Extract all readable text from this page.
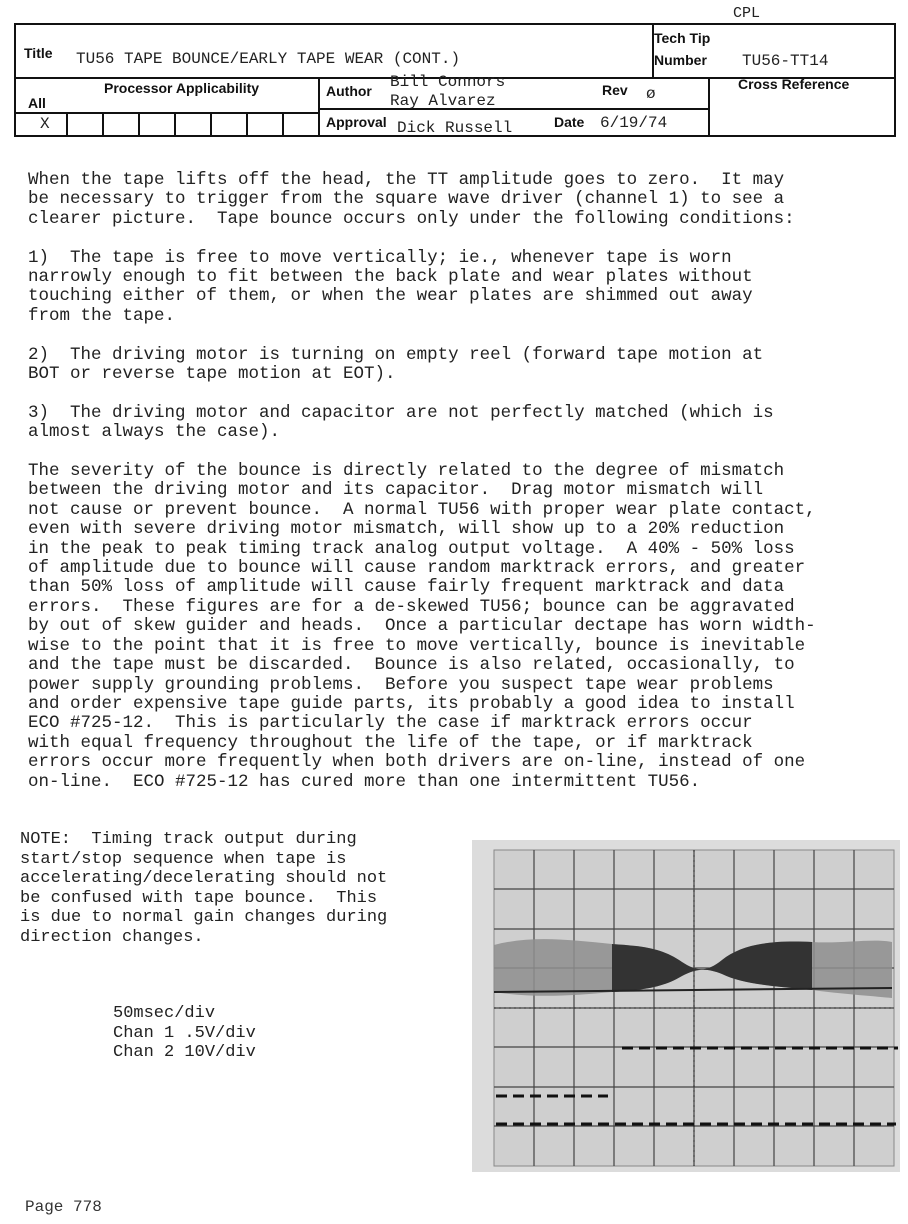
CPL
Title TU56 TAPE BOUNCE/EARLY TAPE WEAR (CONT.)
Tech Tip
Number TU56-TT14
Processor Applicability
All
X
Author Bill Connors
Ray Alvarez
Rev ø
Cross Reference
Approval Dick Russell	Date 6/19/74

When the tape lifts off the head, the TT amplitude goes to zero.  It may
be necessary to trigger from the square wave driver (channel 1) to see a
clearer picture.  Tape bounce occurs only under the following conditions:

1)  The tape is free to move vertically; ie., whenever tape is worn
narrowly enough to fit between the back plate and wear plates without
touching either of them, or when the wear plates are shimmed out away
from the tape.

2)  The driving motor is turning on empty reel (forward tape motion at
BOT or reverse tape motion at EOT).

3)  The driving motor and capacitor are not perfectly matched (which is
almost always the case).

The severity of the bounce is directly related to the degree of mismatch
between the driving motor and its capacitor.  Drag motor mismatch will
not cause or prevent bounce.  A normal TU56 with proper wear plate contact,
even with severe driving motor mismatch, will show up to a 20% reduction
in the peak to peak timing track analog output voltage.  A 40% - 50% loss
of amplitude due to bounce will cause random marktrack errors, and greater
than 50% loss of amplitude will cause fairly frequent marktrack and data
errors.  These figures are for a de-skewed TU56; bounce can be aggravated
by out of skew guider and heads.  Once a particular dectape has worn width-
wise to the point that it is free to move vertically, bounce is inevitable
and the tape must be discarded.  Bounce is also related, occasionally, to
power supply grounding problems.  Before you suspect tape wear problems
and order expensive tape guide parts, its probably a good idea to install
ECO #725-12.  This is particularly the case if marktrack errors occur
with equal frequency throughout the life of the tape, or if marktrack
errors occur more frequently when both drivers are on-line, instead of one
on-line.  ECO #725-12 has cured more than one intermittent TU56.

NOTE:  Timing track output during
start/stop sequence when tape is
accelerating/decelerating should not
be confused with tape bounce.  This
is due to normal gain changes during
direction changes.
50msec/div
Chan 1 .5V/div
Chan 2 10V/div
Page 778
